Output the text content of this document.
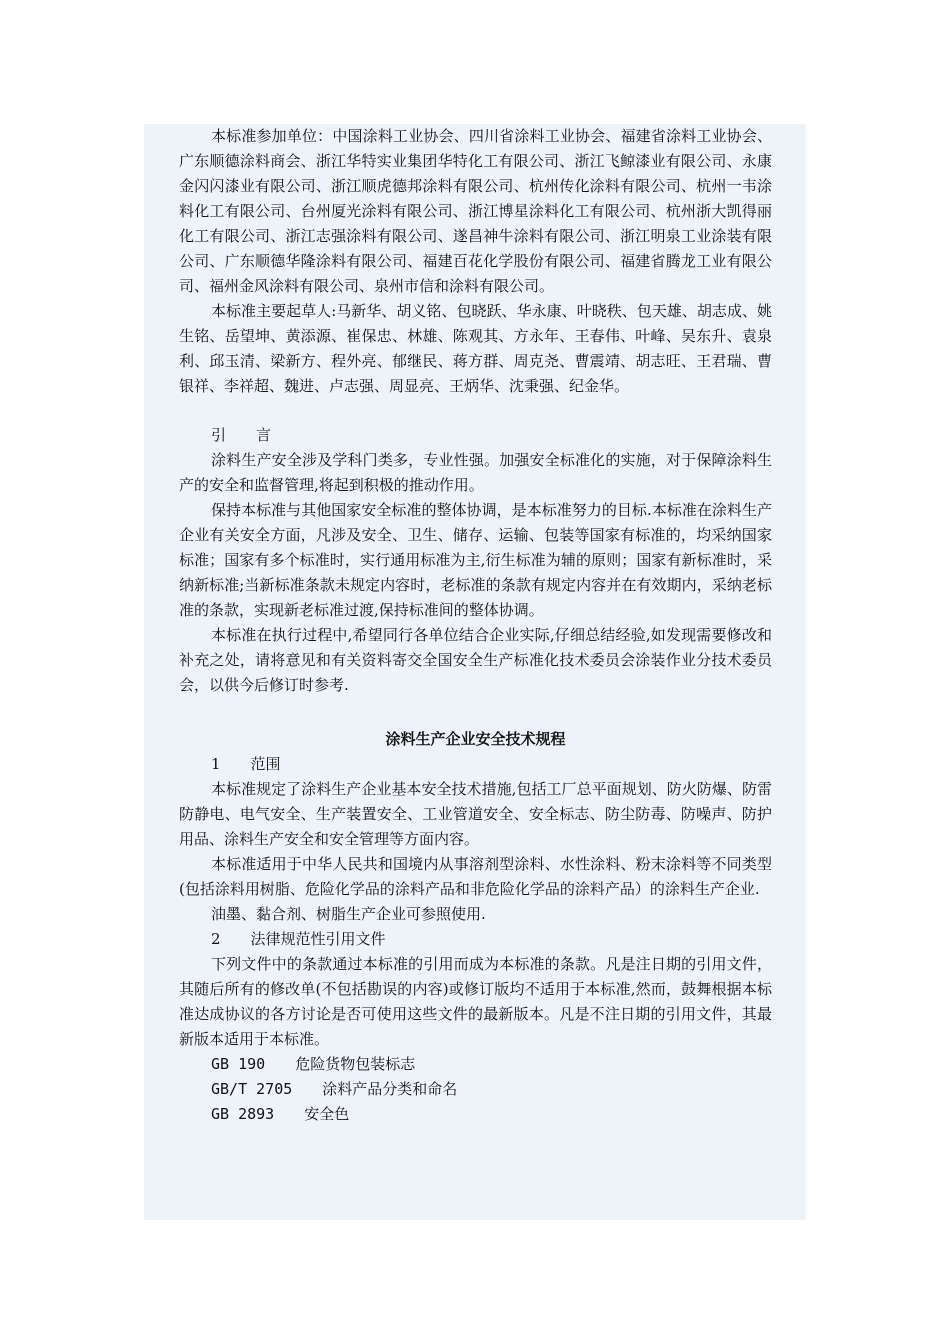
本标准参加单位：中国涂料工业协会、四川省涂料工业协会、福建省涂料工业协会、广东顺德涂料商会、浙江华特实业集团华特化工有限公司、浙江飞鲸漆业有限公司、永康金闪闪漆业有限公司、浙江顺虎德邦涂料有限公司、杭州传化涂料有限公司、杭州一韦涂料化工有限公司、台州厦光涂料有限公司、浙江博星涂料化工有限公司、杭州浙大凯得丽化工有限公司、浙江志强涂料有限公司、遂昌神牛涂料有限公司、浙江明泉工业涂装有限公司、广东顺德华隆涂料有限公司、福建百花化学股份有限公司、福建省腾龙工业有限公司、福州金风涂料有限公司、泉州市信和涂料有限公司。

本标准主要起草人:马新华、胡义铭、包晓跃、华永康、叶晓秩、包天雄、胡志成、姚生铭、岳望坤、黄添源、崔保忠、林雄、陈观其、方永年、王春伟、叶峰、吴东升、袁泉利、邱玉清、梁新方、程外亮、郁继民、蒋方群、周克尧、曹震靖、胡志旺、王君瑞、曹银祥、李祥超、魏进、卢志强、周显亮、王炳华、沈秉强、纪金华。

引　　言

涂料生产安全涉及学科门类多，专业性强。加强安全标准化的实施，对于保障涂料生产的安全和监督管理,将起到积极的推动作用。

保持本标准与其他国家安全标准的整体协调，是本标准努力的目标.本标准在涂料生产企业有关安全方面，凡涉及安全、卫生、储存、运输、包装等国家有标准的，均采纳国家标准；国家有多个标准时，实行通用标准为主,衍生标准为辅的原则；国家有新标准时，采纳新标准;当新标准条款未规定内容时，老标准的条款有规定内容并在有效期内，采纳老标准的条款，实现新老标准过渡,保持标准间的整体协调。

本标准在执行过程中,希望同行各单位结合企业实际,仔细总结经验,如发现需要修改和补充之处，请将意见和有关资料寄交全国安全生产标准化技术委员会涂装作业分技术委员会，以供今后修订时参考.

涂料生产企业安全技术规程

1 范围

本标准规定了涂料生产企业基本安全技术措施,包括工厂总平面规划、防火防爆、防雷防静电、电气安全、生产装置安全、工业管道安全、安全标志、防尘防毒、防噪声、防护用品、涂料生产安全和安全管理等方面内容。

本标准适用于中华人民共和国境内从事溶剂型涂料、水性涂料、粉末涂料等不同类型(包括涂料用树脂、危险化学品的涂料产品和非危险化学品的涂料产品）的涂料生产企业.

油墨、黏合剂、树脂生产企业可参照使用.

2 法律规范性引用文件

下列文件中的条款通过本标准的引用而成为本标准的条款。凡是注日期的引用文件，其随后所有的修改单(不包括勘误的内容)或修订版均不适用于本标准,然而，鼓舞根据本标准达成协议的各方讨论是否可使用这些文件的最新版本。凡是不注日期的引用文件，其最新版本适用于本标准。

GB 190 危险货物包装标志

GB/T 2705 涂料产品分类和命名

GB 2893 安全色
